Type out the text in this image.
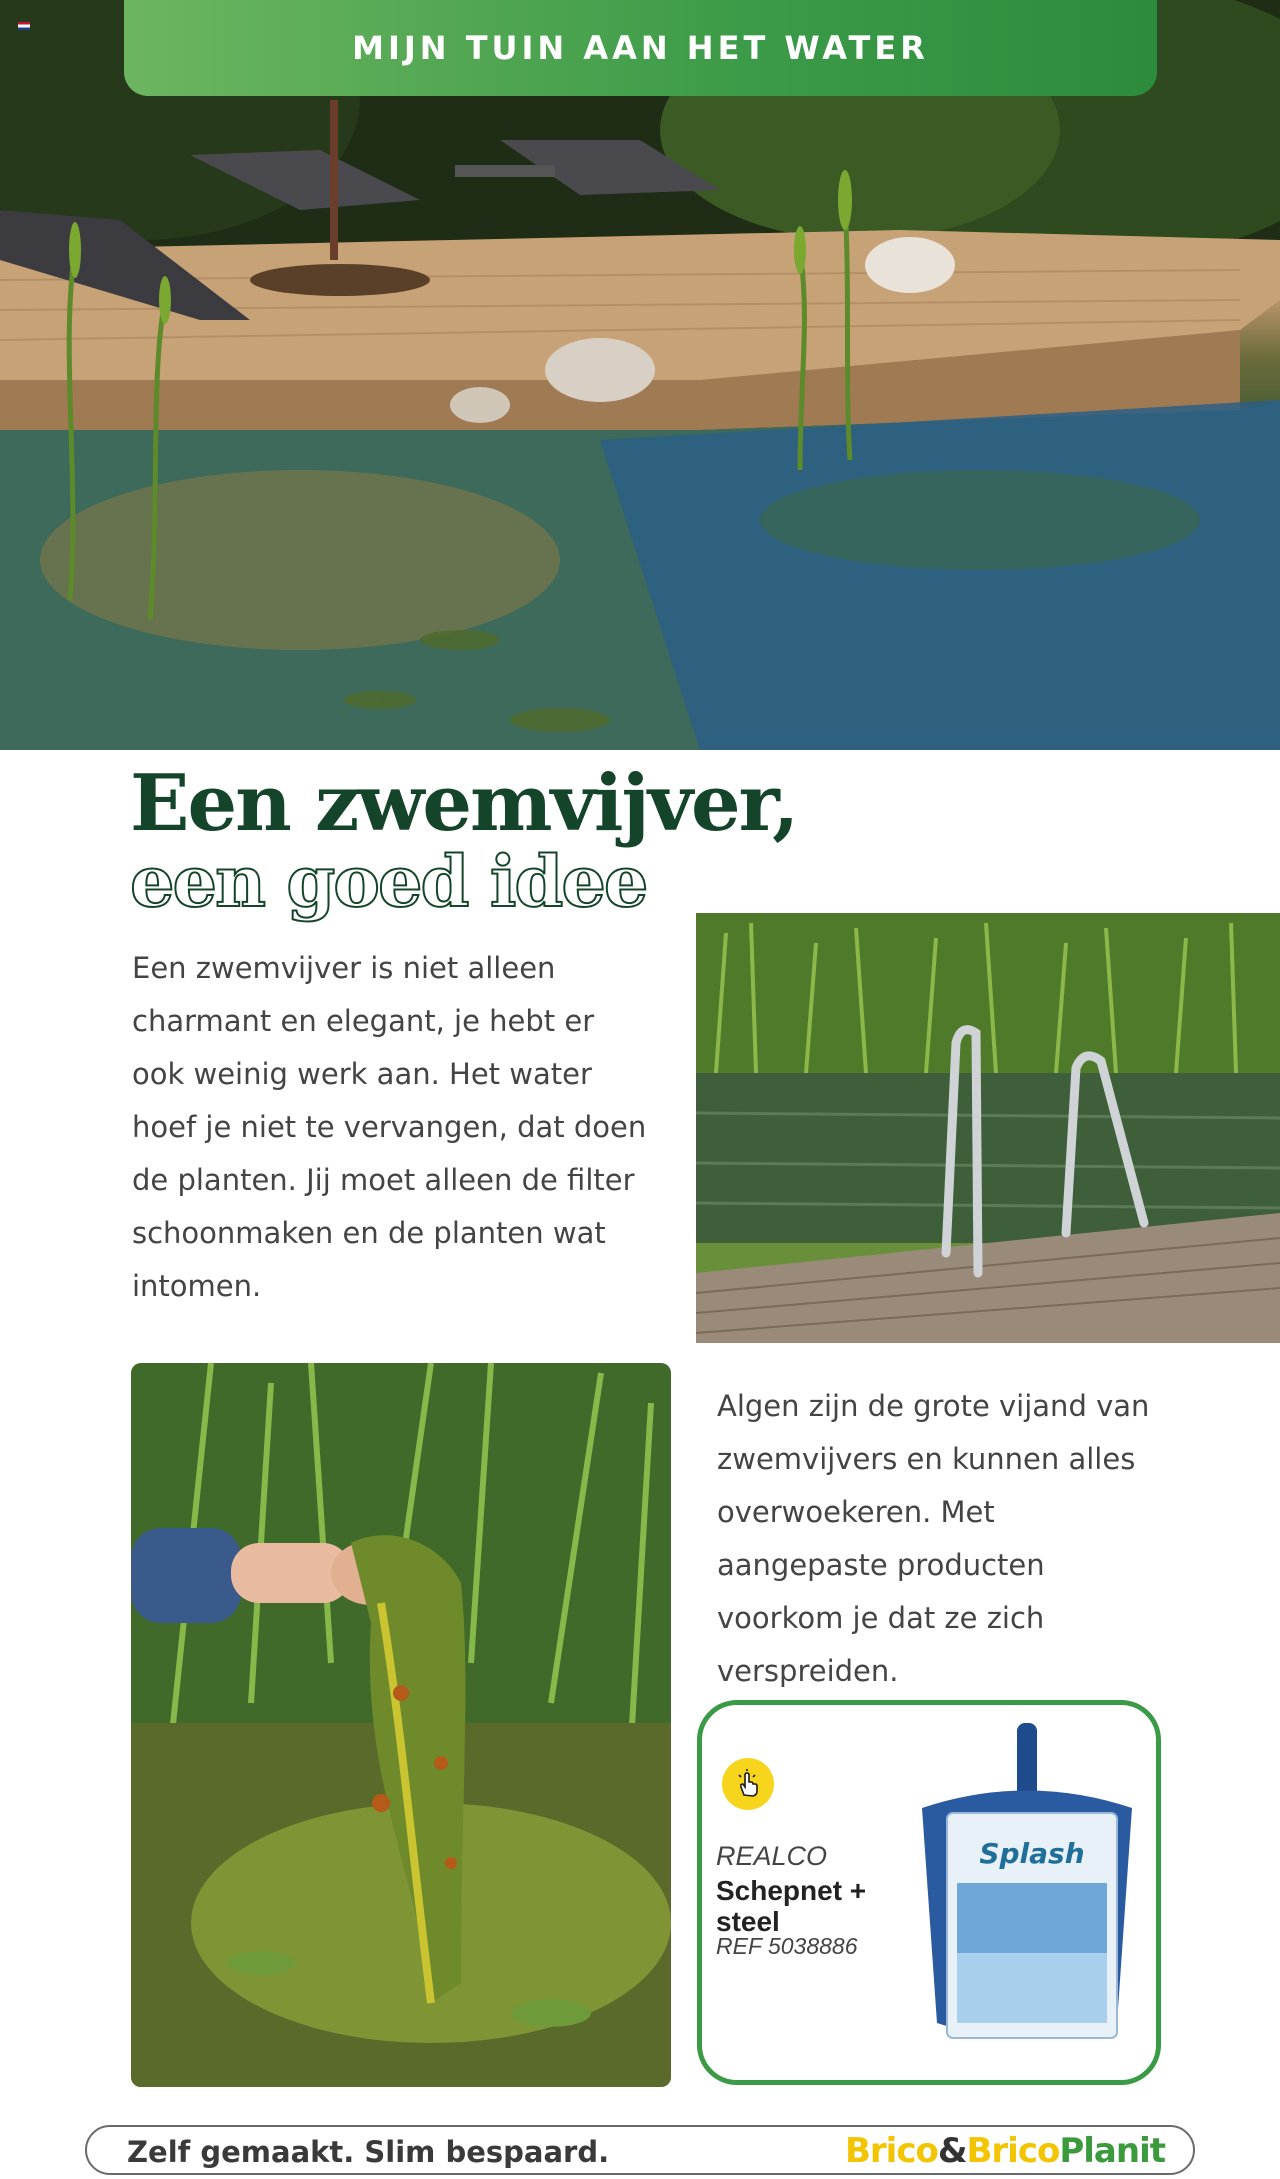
MIJN TUIN AAN HET WATER
Een zwemvijver,
een goed idee

Een zwemvijver is niet alleen charmant en elegant, je hebt er ook weinig werk aan. Het water hoef je niet te vervangen, dat doen de planten. Jij moet alleen de filter schoonmaken en de planten wat intomen.

Algen zijn de grote vijand van zwemvijvers en kunnen alles overwoekeren. Met aangepaste producten voorkom je dat ze zich verspreiden.

REALCO
Schepnet + steel
REF 5038886
Splash
Zelf gemaakt. Slim bespaard.	Brico&BricoPlanit
